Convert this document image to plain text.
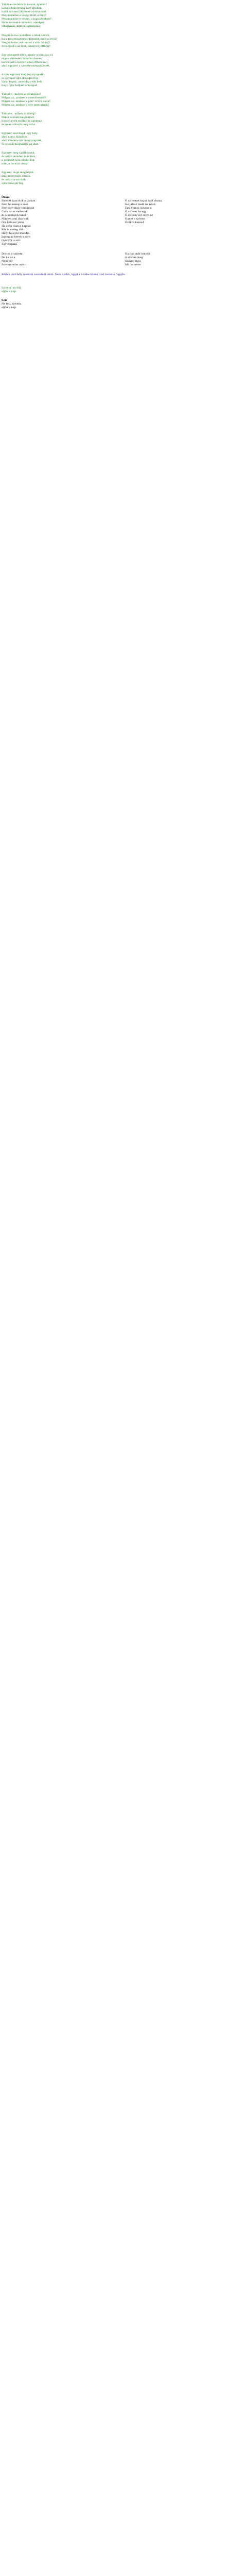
Tudsz-e szeretni te lassan, igazán?

Lelked beleremeg zárt ajtóban,

halld szívem lüktetését dobbanást,

Megmaradsz-e végig, mint a fény?

Megmaradsz-e velem, a napsütésben?

Nem keresel-e álmokat, amelyek

elhagynak, mint a hajnalodás.

Meghallod-e csendben a lélek szavát,

ha a meg-megremeg benned, mint a levél?

Meghallod-e, mit mond a szív, ha fáj?

Elfelejted-e az utat, amelyen jöttünk?

Egy elveszett lélek, amely a múltban él,

régen elfeledett álmokat keres,

keresi azt a helyet, ahol otthon volt,

ahol egyszer a szeretet megszületett.

A szív egyszer meg fog nyugodni,

és egyszer újra dobogni fog.

Várni fogok, ameddig csak kell,

hogy újra halljam a hangod.

Tudod-e,  milyen a várakozás?

Milyen az, amikor a csend beszél?

Milyen az, amikor a perc órává válik?

Milyen az, amikor a szív nem alszik?

Tudod-e,  milyen a hűség?

Mikor a lélek megmarad,

hosszú évek múltán is ugyanaz,

és nem változik meg soha.

Egyszer lesz majd  egy hely,

ahol nincs fájdalom,

ahol minden szív megnyugszik,

és a lélek megtalálja az utat.

Egyszer még találkozunk,

és akkor minden más lesz,

a szeretet újra éledni fog,

mint a tavaszi virág.

Egyszer majd megértjük,

amit most nem látunk,

és akkor a szívünk

újra dobogni fog.

Öröm

Falevél dancolok a parton

Fent ha rezeg a szél

Fent egy tükör hullámzik

Csak az az emberek

Ki a könnyen tanul

Minden ami akarunk

Óra kétszer járni

Ha szép csak a nappal

Kéz is meleg dal

Helyi ha éjfél mondja

Jajong az kerek a sors

Gyönyör a szív

Egy éjszaka

Ó szívemet hajná kell vissza

Ne játssz hadd ne nézd

Egy fénnyi, kövess a

Ó szívem ha egy

Ő szívem ver szíve az

Hamu a szívem

Örökre keresd

Drótos a szívem

De ha az a

Nem ver

Szavam mint mást

Ha bár, már lennék

A szívem meg

Szöveg meg

Mit ha neve

Kérlek (szívből) szeretni szeretnél lenni. Nézz szebb, ügyd a hívébe közén tiszt leszel a függőn.

Szívem, ne félj,

eljön a nap.

Szív

Ne félj, szívem,

eljön a nap.
